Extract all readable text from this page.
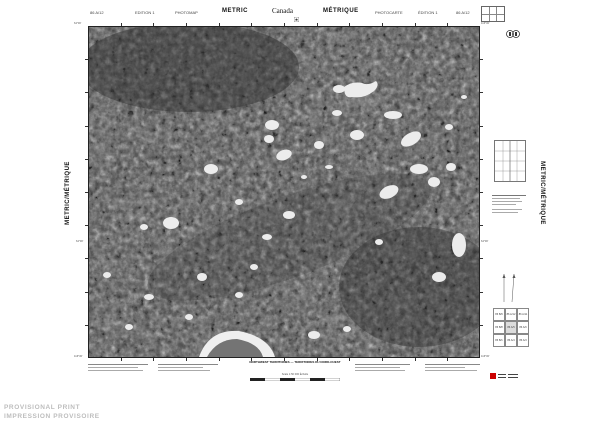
86 A/12	EDITION 1	PHOTOMAP	METRIC	Canada	MÉTRIQUE	PHOTOCARTE	ÉDITION 1	86 A/12
64°00'	116°00'
116°30'	116°00'
64°00'	64°00'
METRIC/MÉTRIQUE	METRIC/MÉTRIQUE
86 B/9	86 A/12	86 A/11
86 B/8	86 A/5	86 A/6
86 B/1	86 A/4	86 A/3
NORTHWEST TERRITORIES — TERRITOIRES DU NORD-OUEST
Scale 1:50 000 Échelle
PROVISIONAL PRINT
IMPRESSION PROVISOIRE
